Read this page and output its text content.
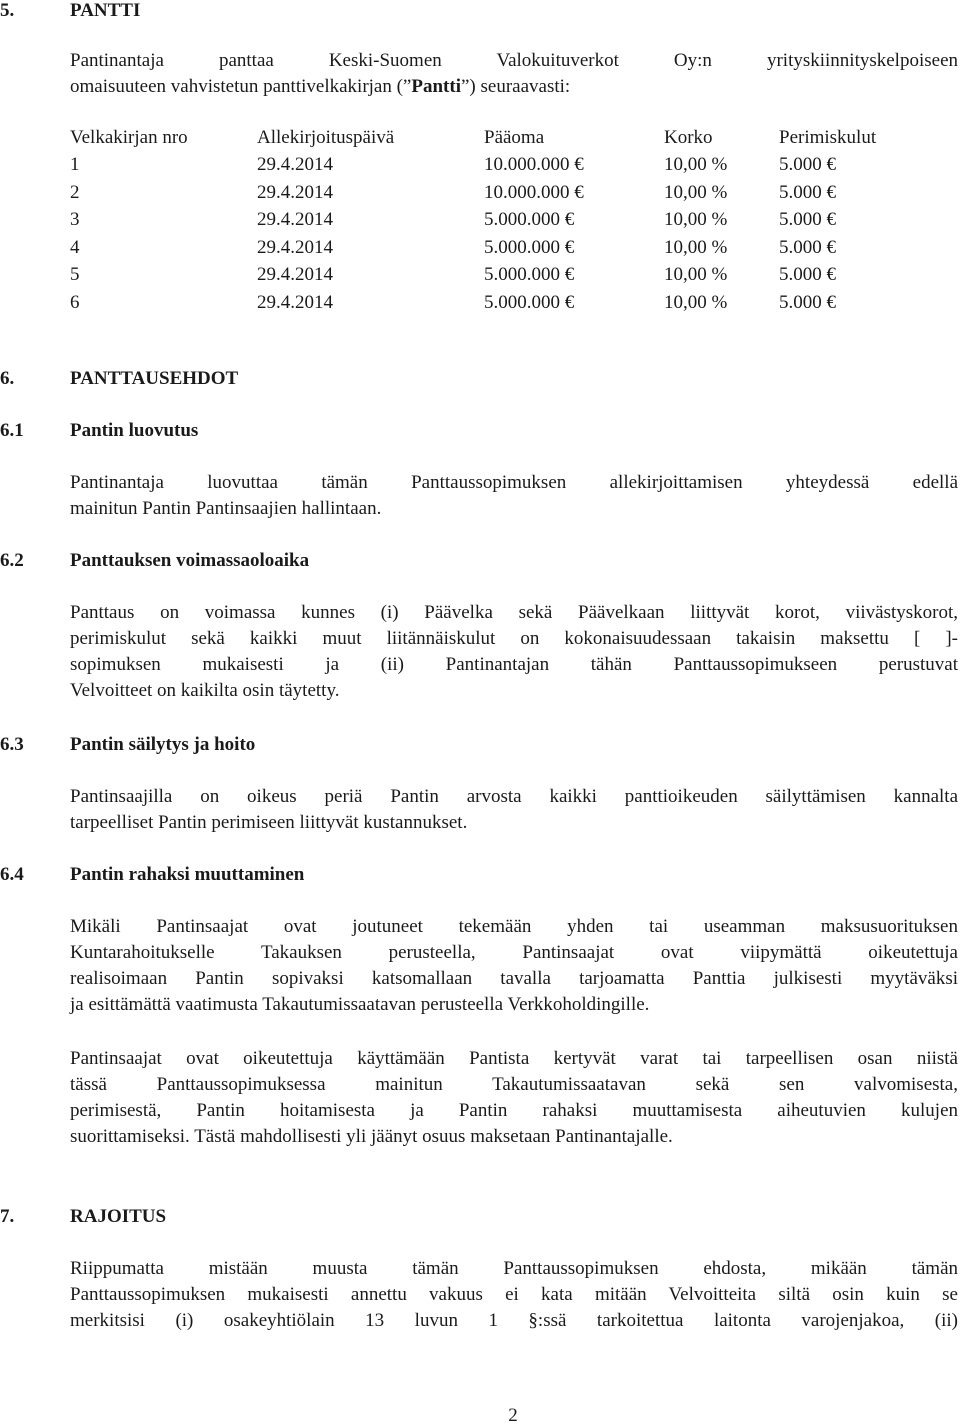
5.	PANTTI
Pantinantaja panttaa Keski-Suomen Valokuituverkot Oy:n yrityskiinnityskelpoiseen
omaisuuteen vahvistetun panttivelkakirjan (”Pantti”) seuraavasti:
Velkakirjan nro	Allekirjoituspäivä	Pääoma	Korko	Perimiskulut
1	29.4.2014	10.000.000 €	10,00 %	5.000 €
2	29.4.2014	10.000.000 €	10,00 %	5.000 €
3	29.4.2014	5.000.000 €	10,00 %	5.000 €
4	29.4.2014	5.000.000 €	10,00 %	5.000 €
5	29.4.2014	5.000.000 €	10,00 %	5.000 €
6	29.4.2014	5.000.000 €	10,00 %	5.000 €
6.	PANTTAUSEHDOT
6.1 Pantin luovutus
Pantinantaja luovuttaa tämän Panttaussopimuksen allekirjoittamisen yhteydessä edellä
mainitun Pantin Pantinsaajien hallintaan.
6.2 Panttauksen voimassaoloaika
Panttaus on voimassa kunnes (i) Päävelka sekä Päävelkaan liittyvät korot, viivästyskorot,
perimiskulut sekä kaikki muut liitännäiskulut on kokonaisuudessaan takaisin maksettu [ ]-
sopimuksen mukaisesti ja (ii) Pantinantajan tähän Panttaussopimukseen perustuvat
Velvoitteet on kaikilta osin täytetty.
6.3 Pantin säilytys ja hoito
Pantinsaajilla on oikeus periä Pantin arvosta kaikki panttioikeuden säilyttämisen kannalta
tarpeelliset Pantin perimiseen liittyvät kustannukset.
6.4 Pantin rahaksi muuttaminen
Mikäli Pantinsaajat ovat joutuneet tekemään yhden tai useamman maksusuorituksen
Kuntarahoitukselle Takauksen perusteella, Pantinsaajat ovat viipymättä oikeutettuja
realisoimaan Pantin sopivaksi katsomallaan tavalla tarjoamatta Panttia julkisesti myytäväksi
ja esittämättä vaatimusta Takautumissaatavan perusteella Verkkoholdingille.
Pantinsaajat ovat oikeutettuja käyttämään Pantista kertyvät varat tai tarpeellisen osan niistä
tässä Panttaussopimuksessa mainitun Takautumissaatavan sekä sen valvomisesta,
perimisestä, Pantin hoitamisesta ja Pantin rahaksi muuttamisesta aiheutuvien kulujen
suorittamiseksi. Tästä mahdollisesti yli jäänyt osuus maksetaan Pantinantajalle.
7.	RAJOITUS
Riippumatta mistään muusta tämän Panttaussopimuksen ehdosta, mikään tämän
Panttaussopimuksen mukaisesti annettu vakuus ei kata mitään Velvoitteita siltä osin kuin se
merkitsisi (i) osakeyhtiölain 13 luvun 1 §:ssä tarkoitettua laitonta varojenjakoa, (ii)
2
